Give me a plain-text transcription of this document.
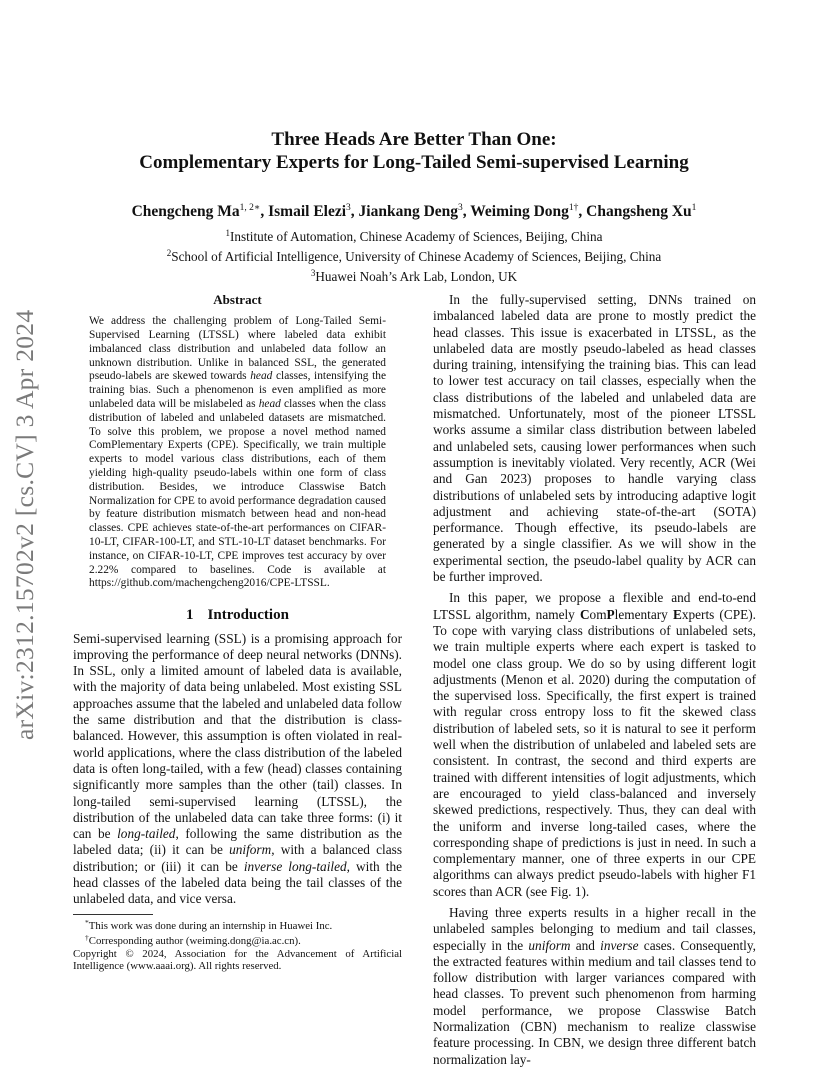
arXiv:2312.15702v2 [cs.CV] 3 Apr 2024
Three Heads Are Better Than One:
Complementary Experts for Long-Tailed Semi-supervised Learning
Chengcheng $Ma^{1, 2∗}$, Ismail Elezi$^3$, Jiankang Deng$^3$, Weiming Dong$^{1\dagger}$, Changsheng Xu$^1$
$^1$Institute of Automation, Chinese Academy of Sciences, Beijing, China
$^2$School of Artificial Intelligence, University of Chinese Academy of Sciences, Beijing, China
$^3$Huawei Noah’s Ark Lab, London, UK
Abstract

We address the challenging problem of Long-Tailed Semi-Supervised Learning (LTSSL) where labeled data exhibit imbalanced class distribution and unlabeled data follow an unknown distribution. Unlike in balanced SSL, the generated pseudo-labels are skewed towards head classes, intensifying the training bias. Such a phenomenon is even amplified as more unlabeled data will be mislabeled as head classes when the class distribution of labeled and unlabeled datasets are mismatched. To solve this problem, we propose a novel method named ComPlementary Experts (CPE). Specifically, we train multiple experts to model various class distributions, each of them yielding high-quality pseudo-labels within one form of class distribution. Besides, we introduce Classwise Batch Normalization for CPE to avoid performance degradation caused by feature distribution mismatch between head and non-head classes. CPE achieves state-of-the-art performances on CIFAR-10-LT, CIFAR-100-LT, and STL-10-LT dataset benchmarks. For instance, on CIFAR-10-LT, CPE improves test accuracy by over 2.22% compared to baselines. Code is available at https://github.com/machengcheng2016/CPE-LTSSL.

1 Introduction

Semi-supervised learning (SSL) is a promising approach for improving the performance of deep neural networks (DNNs). In SSL, only a limited amount of labeled data is available, with the majority of data being unlabeled. Most existing SSL approaches assume that the labeled and unlabeled data follow the same distribution and that the distribution is class-balanced. However, this assumption is often violated in real-world applications, where the class distribution of the labeled data is often long-tailed, with a few (head) classes containing significantly more samples than the other (tail) classes. In long-tailed semi-supervised learning (LTSSL), the distribution of the unlabeled data can take three forms: (i) it can be long-tailed, following the same distribution as the labeled data; (ii) it can be uniform, with a balanced class distribution; or (iii) it can be inverse long-tailed, with the head classes of the labeled data being the tail classes of the unlabeled data, and vice versa.

*This work was done during an internship in Huawei Inc.
†Corresponding author (weiming.dong@ia.ac.cn).
Copyright © 2024, Association for the Advancement of Artificial Intelligence (www.aaai.org). All rights reserved.

In the fully-supervised setting, DNNs trained on imbalanced labeled data are prone to mostly predict the head classes. This issue is exacerbated in LTSSL, as the unlabeled data are mostly pseudo-labeled as head classes during training, intensifying the training bias. This can lead to lower test accuracy on tail classes, especially when the class distributions of the labeled and unlabeled data are mismatched. Unfortunately, most of the pioneer LTSSL works assume a similar class distribution between labeled and unlabeled sets, causing lower performances when such assumption is inevitably violated. Very recently, ACR (Wei and Gan 2023) proposes to handle varying class distributions of unlabeled sets by introducing adaptive logit adjustment and achieving state-of-the-art (SOTA) performance. Though effective, its pseudo-labels are generated by a single classifier. As we will show in the experimental section, the pseudo-label quality by ACR can be further improved.

In this paper, we propose a flexible and end-to-end LTSSL algorithm, namely ComPlementary Experts (CPE). To cope with varying class distributions of unlabeled sets, we train multiple experts where each expert is tasked to model one class group. We do so by using different logit adjustments (Menon et al. 2020) during the computation of the supervised loss. Specifically, the first expert is trained with regular cross entropy loss to fit the skewed class distribution of labeled sets, so it is natural to see it perform well when the distribution of unlabeled and labeled sets are consistent. In contrast, the second and third experts are trained with different intensities of logit adjustments, which are encouraged to yield class-balanced and inversely skewed predictions, respectively. Thus, they can deal with the uniform and inverse long-tailed cases, where the corresponding shape of predictions is just in need. In such a complementary manner, one of three experts in our CPE algorithms can always predict pseudo-labels with higher F1 scores than ACR (see Fig. 1).

Having three experts results in a higher recall in the unlabeled samples belonging to medium and tail classes, especially in the uniform and inverse cases. Consequently, the extracted features within medium and tail classes tend to follow distribution with larger variances compared with head classes. To prevent such phenomenon from harming model performance, we propose Classwise Batch Normalization (CBN) mechanism to realize classwise feature processing. In CBN, we design three different batch normalization lay-
